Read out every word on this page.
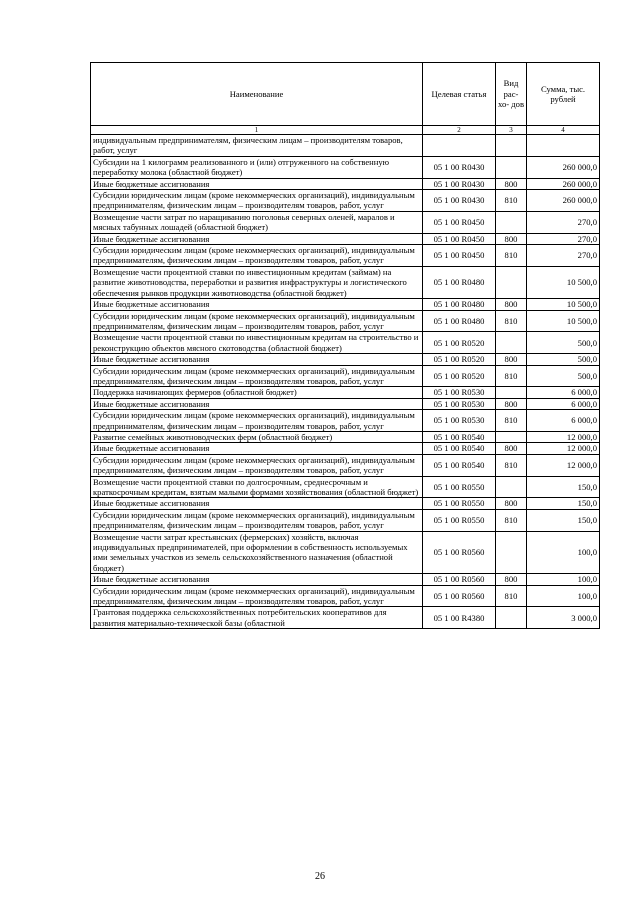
Наименование	Целевая статья	Вид рас- хо- дов	Сумма, тыс. рублей
1	2	3	4
индивидуальным предпринимателям, физическим лицам – производителям товаров, работ, услуг			
Субсидии на 1 килограмм реализованного и (или) отгруженного на собственную переработку молока (областной бюджет)	05 1 00 R0430		260 000,0
Иные бюджетные ассигнования	05 1 00 R0430	800	260 000,0
Субсидии юридическим лицам (кроме некоммерческих организаций), индивидуальным предпринимателям, физическим лицам – производителям товаров, работ, услуг	05 1 00 R0430	810	260 000,0
Возмещение части затрат по наращиванию поголовья северных оленей, маралов и мясных табунных лошадей (областной бюджет)	05 1 00 R0450		270,0
Иные бюджетные ассигнования	05 1 00 R0450	800	270,0
Субсидии юридическим лицам (кроме некоммерческих организаций), индивидуальным предпринимателям, физическим лицам – производителям товаров, работ, услуг	05 1 00 R0450	810	270,0
Возмещение части процентной ставки по инвестиционным кредитам (займам) на развитие животноводства, переработки и развития инфраструктуры и логистического обеспечения рынков продукции животноводства (областной бюджет)	05 1 00 R0480		10 500,0
Иные бюджетные ассигнования	05 1 00 R0480	800	10 500,0
Субсидии юридическим лицам (кроме некоммерческих организаций), индивидуальным предпринимателям, физическим лицам – производителям товаров, работ, услуг	05 1 00 R0480	810	10 500,0
Возмещение части процентной ставки по инвестиционным кредитам на строительство и реконструкцию объектов мясного скотоводства (областной бюджет)	05 1 00 R0520		500,0
Иные бюджетные ассигнования	05 1 00 R0520	800	500,0
Субсидии юридическим лицам (кроме некоммерческих организаций), индивидуальным предпринимателям, физическим лицам – производителям товаров, работ, услуг	05 1 00 R0520	810	500,0
Поддержка начинающих фермеров (областной бюджет)	05 1 00 R0530		6 000,0
Иные бюджетные ассигнования	05 1 00 R0530	800	6 000,0
Субсидии юридическим лицам (кроме некоммерческих организаций), индивидуальным предпринимателям, физическим лицам – производителям товаров, работ, услуг	05 1 00 R0530	810	6 000,0
Развитие семейных животноводческих ферм (областной бюджет)	05 1 00 R0540		12 000,0
Иные бюджетные ассигнования	05 1 00 R0540	800	12 000,0
Субсидии юридическим лицам (кроме некоммерческих организаций), индивидуальным предпринимателям, физическим лицам – производителям товаров, работ, услуг	05 1 00 R0540	810	12 000,0
Возмещение части процентной ставки по долгосрочным, среднесрочным и краткосрочным кредитам, взятым малыми формами хозяйствования (областной бюджет)	05 1 00 R0550		150,0
Иные бюджетные ассигнования	05 1 00 R0550	800	150,0
Субсидии юридическим лицам (кроме некоммерческих организаций), индивидуальным предпринимателям, физическим лицам – производителям товаров, работ, услуг	05 1 00 R0550	810	150,0
Возмещение части затрат крестьянских (фермерских) хозяйств, включая индивидуальных предпринимателей, при оформлении в собственность используемых ими земельных участков из земель сельскохозяйственного назначения (областной бюджет)	05 1 00 R0560		100,0
Иные бюджетные ассигнования	05 1 00 R0560	800	100,0
Субсидии юридическим лицам (кроме некоммерческих организаций), индивидуальным предпринимателям, физическим лицам – производителям товаров, работ, услуг	05 1 00 R0560	810	100,0
Грантовая поддержка сельскохозяйственных потребительских кооперативов для развития материально-технической базы (областной	05 1 00 R4380		3 000,0
26
